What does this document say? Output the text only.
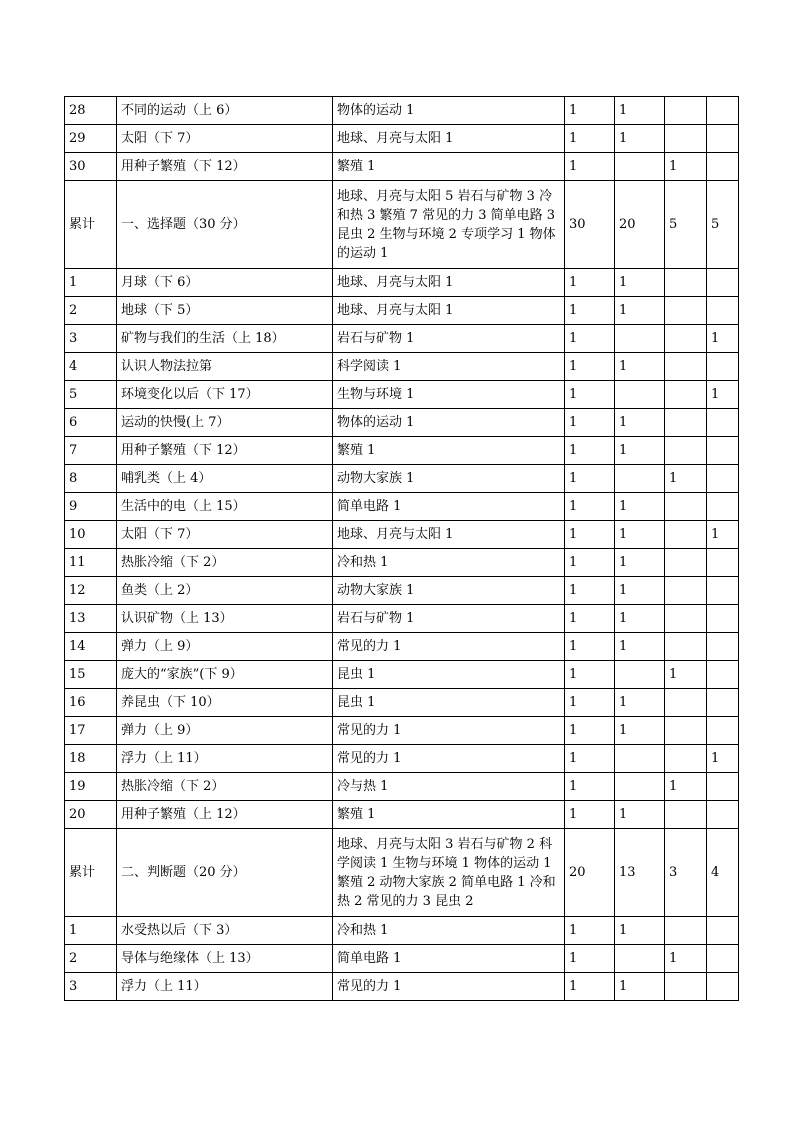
28	不同的运动（上 6）	物体的运动 1	1	1		
29	太阳（下 7）	地球、月亮与太阳 1	1	1		
30	用种子繁殖（下 12）	繁殖 1	1		1	
累计	一、选择题（30 分）	地球、月亮与太阳 5 岩石与矿物 3 冷和热 3 繁殖 7 常见的力 3 简单电路 3 昆虫 2 生物与环境 2 专项学习 1 物体的运动 1	30	20	5	5
1	月球（下 6）	地球、月亮与太阳 1	1	1		
2	地球（下 5）	地球、月亮与太阳 1	1	1		
3	矿物与我们的生活（上 18）	岩石与矿物 1	1			1
4	认识人物法拉第	科学阅读 1	1	1		
5	环境变化以后（下 17）	生物与环境 1	1			1
6	运动的快慢(上 7）	物体的运动 1	1	1		
7	用种子繁殖（下 12）	繁殖 1	1	1		
8	哺乳类（上 4）	动物大家族 1	1		1	
9	生活中的电（上 15）	简单电路 1	1	1		
10	太阳（下 7）	地球、月亮与太阳 1	1	1		1
11	热胀冷缩（下 2）	冷和热 1	1	1		
12	鱼类（上 2）	动物大家族 1	1	1		
13	认识矿物（上 13）	岩石与矿物 1	1	1		
14	弹力（上 9）	常见的力 1	1	1		
15	庞大的“家族”(下 9）	昆虫 1	1		1	
16	养昆虫（下 10）	昆虫 1	1	1		
17	弹力（上 9）	常见的力 1	1	1		
18	浮力（上 11）	常见的力 1	1			1
19	热胀冷缩（下 2）	冷与热 1	1		1	
20	用种子繁殖（上 12）	繁殖 1	1	1		
累计	二、判断题（20 分）	地球、月亮与太阳 3 岩石与矿物 2 科学阅读 1 生物与环境 1 物体的运动 1 繁殖 2 动物大家族 2 简单电路 1 冷和热 2 常见的力 3 昆虫 2	20	13	3	4
1	水受热以后（下 3）	冷和热 1	1	1		
2	导体与绝缘体（上 13）	简单电路 1	1		1	
3	浮力（上 11）	常见的力 1	1	1		
